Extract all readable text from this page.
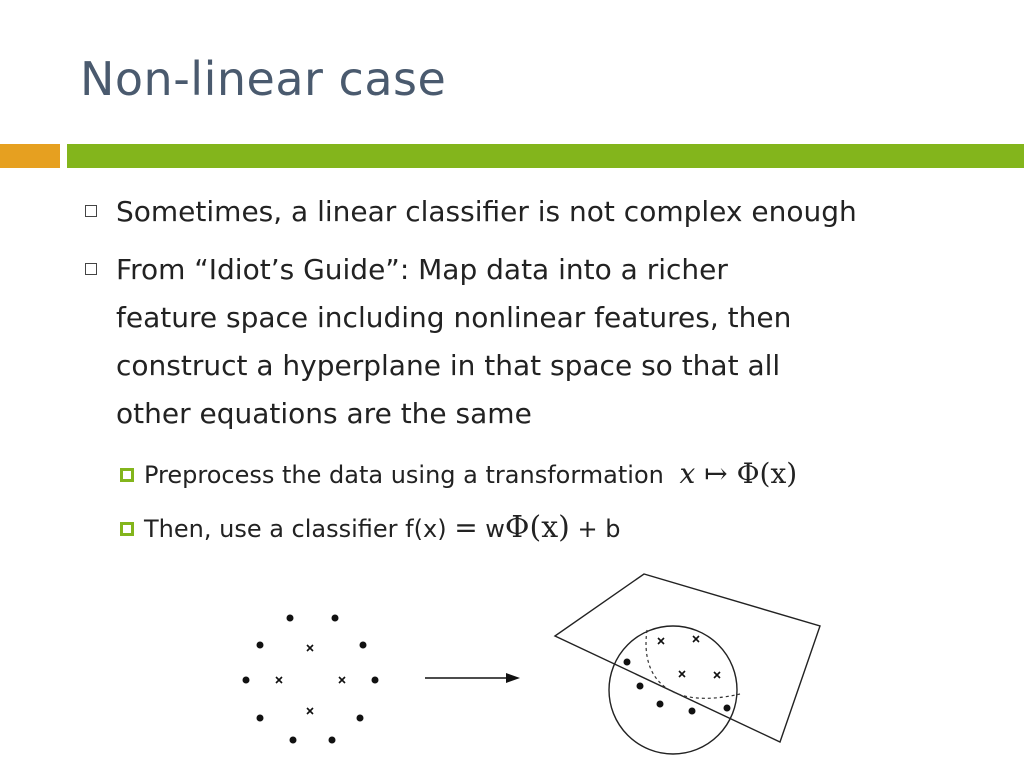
Non-linear case
Sometimes, a linear classifier is not complex enough
From “Idiot’s Guide”: Map data into a richer
feature space including nonlinear features, then
construct a hyperplane in that space so that all
other equations are the same
Preprocess the data using a transformation x ↦ Φ(x)
Then, use a classifier f(x) = wΦ(x) + b
